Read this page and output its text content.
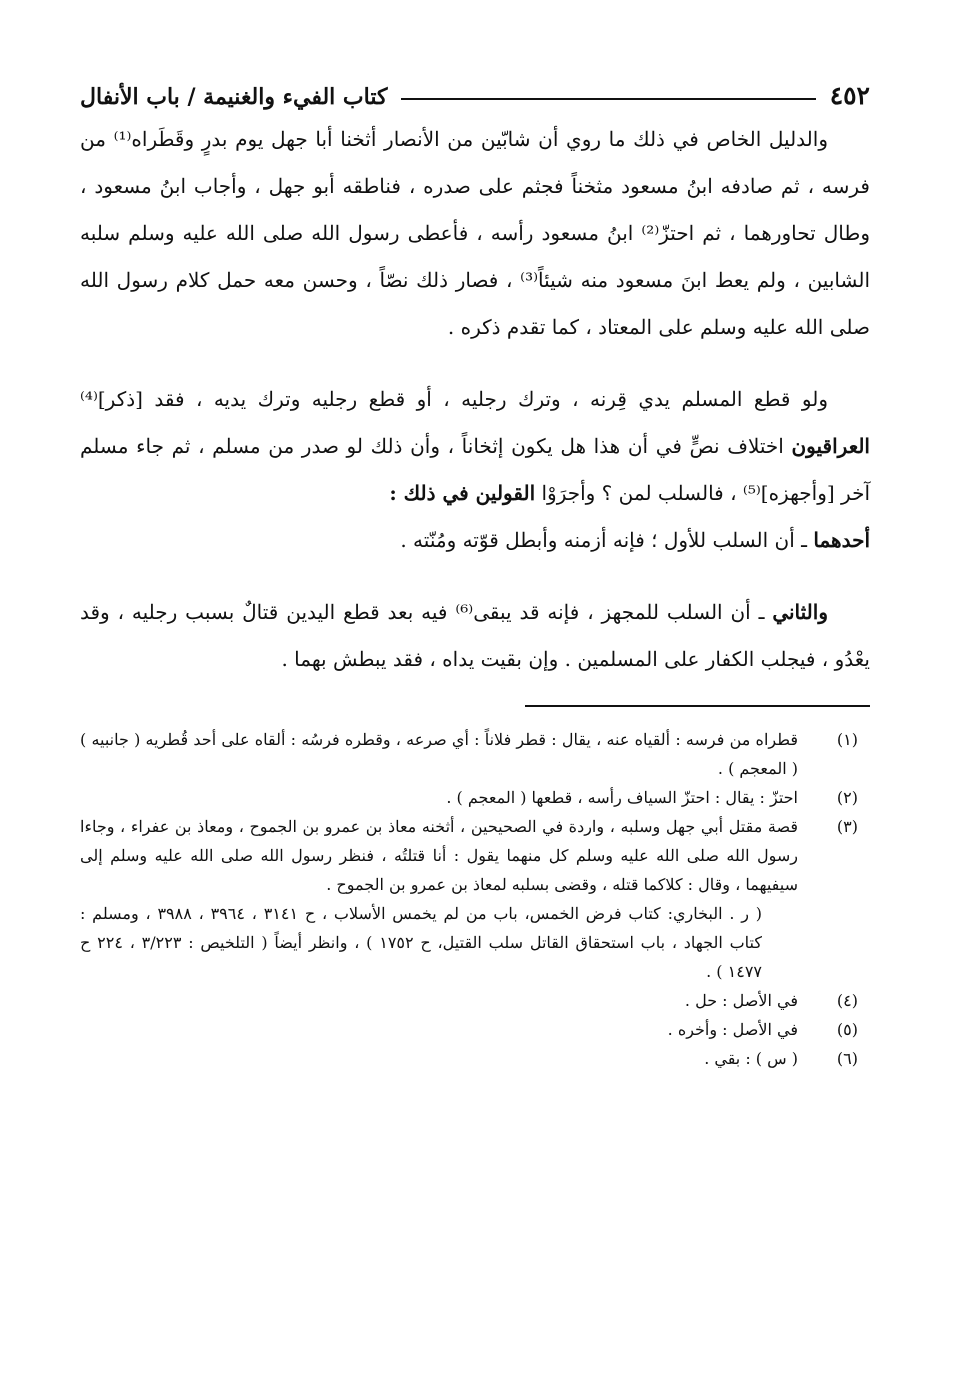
٤٥٢
كتاب الفيء والغنيمة / باب الأنفال

والدليل الخاص في ذلك ما روي أن شابّين من الأنصار أثخنا أبا جهل يوم بدرٍ وقَطَراه⁽¹⁾ من فرسه ، ثم صادفه ابنُ مسعود مثخناً فجثم على صدره ، فناطقه أبو جهل ، وأجاب ابنُ مسعود ، وطال تحاورهما ، ثم احتزّ⁽²⁾ ابنُ مسعود رأسه ، فأعطى رسول الله صلى الله عليه وسلم سلبه الشابين ، ولم يعط ابنَ مسعود منه شيئاً⁽³⁾ ، فصار ذلك نصّاً ، وحسن معه حمل كلام رسول الله صلى الله عليه وسلم على المعتاد ، كما تقدم ذكره .

ولو قطع المسلم يدي قِرنه ، وترك رجليه ، أو قطع رجليه وترك يديه ، فقد [ذكر]⁽⁴⁾ العراقيون اختلاف نصٍّ في أن هذا هل يكون إثخاناً ، وأن ذلك لو صدر من مسلم ، ثم جاء مسلم آخر [وأجهزه]⁽⁵⁾ ، فالسلب لمن ؟ وأجرَوْا القولين في ذلك :

أحدهما ـ أن السلب للأول ؛ فإنه أزمنه وأبطل قوّته ومُنّته .

والثاني ـ أن السلب للمجهز ، فإنه قد يبقى⁽⁶⁾ فيه بعد قطع اليدين قتالٌ بسبب رجليه ، وقد يعْدُو ، فيجلب الكفار على المسلمين . وإن بقيت يداه ، فقد يبطش بهما .

(١)
قطراه من فرسه : ألقياه عنه ، يقال : قطر فلاناً : أي صرعه ، وقطره فرسُه : ألقاه على أحد قُطريه ( جانبيه ) ( المعجم ) .
(٢)
احتزّ : يقال : احتزّ السياف رأسه ، قطعها ( المعجم ) .
(٣)
قصة مقتل أبي جهل وسلبه ، واردة في الصحيحين ، أثخنه معاذ بن عمرو بن الجموح ، ومعاذ بن عفراء ، وجاءا رسول الله صلى الله عليه وسلم كل منهما يقول : أنا قتلتُه ، فنظر رسول الله صلى الله عليه وسلم إلى سيفيهما ، وقال : كلاكما قتله ، وقضى بسلبه لمعاذ بن عمرو بن الجموح .
( ر . البخاري: كتاب فرض الخمس، باب من لم يخمس الأسلاب ، ح ٣١٤١ ، ٣٩٦٤ ، ٣٩٨٨ ، ومسلم : كتاب الجهاد ، باب استحقاق القاتل سلب القتيل، ح ١٧٥٢ ) ، وانظر أيضاً ( التلخيص : ٣/٢٢٣ ، ٢٢٤ ح ١٤٧٧ ) .
(٤)
في الأصل : حل .
(٥)
في الأصل : وأخره .
(٦)
( س ) : بقي .
